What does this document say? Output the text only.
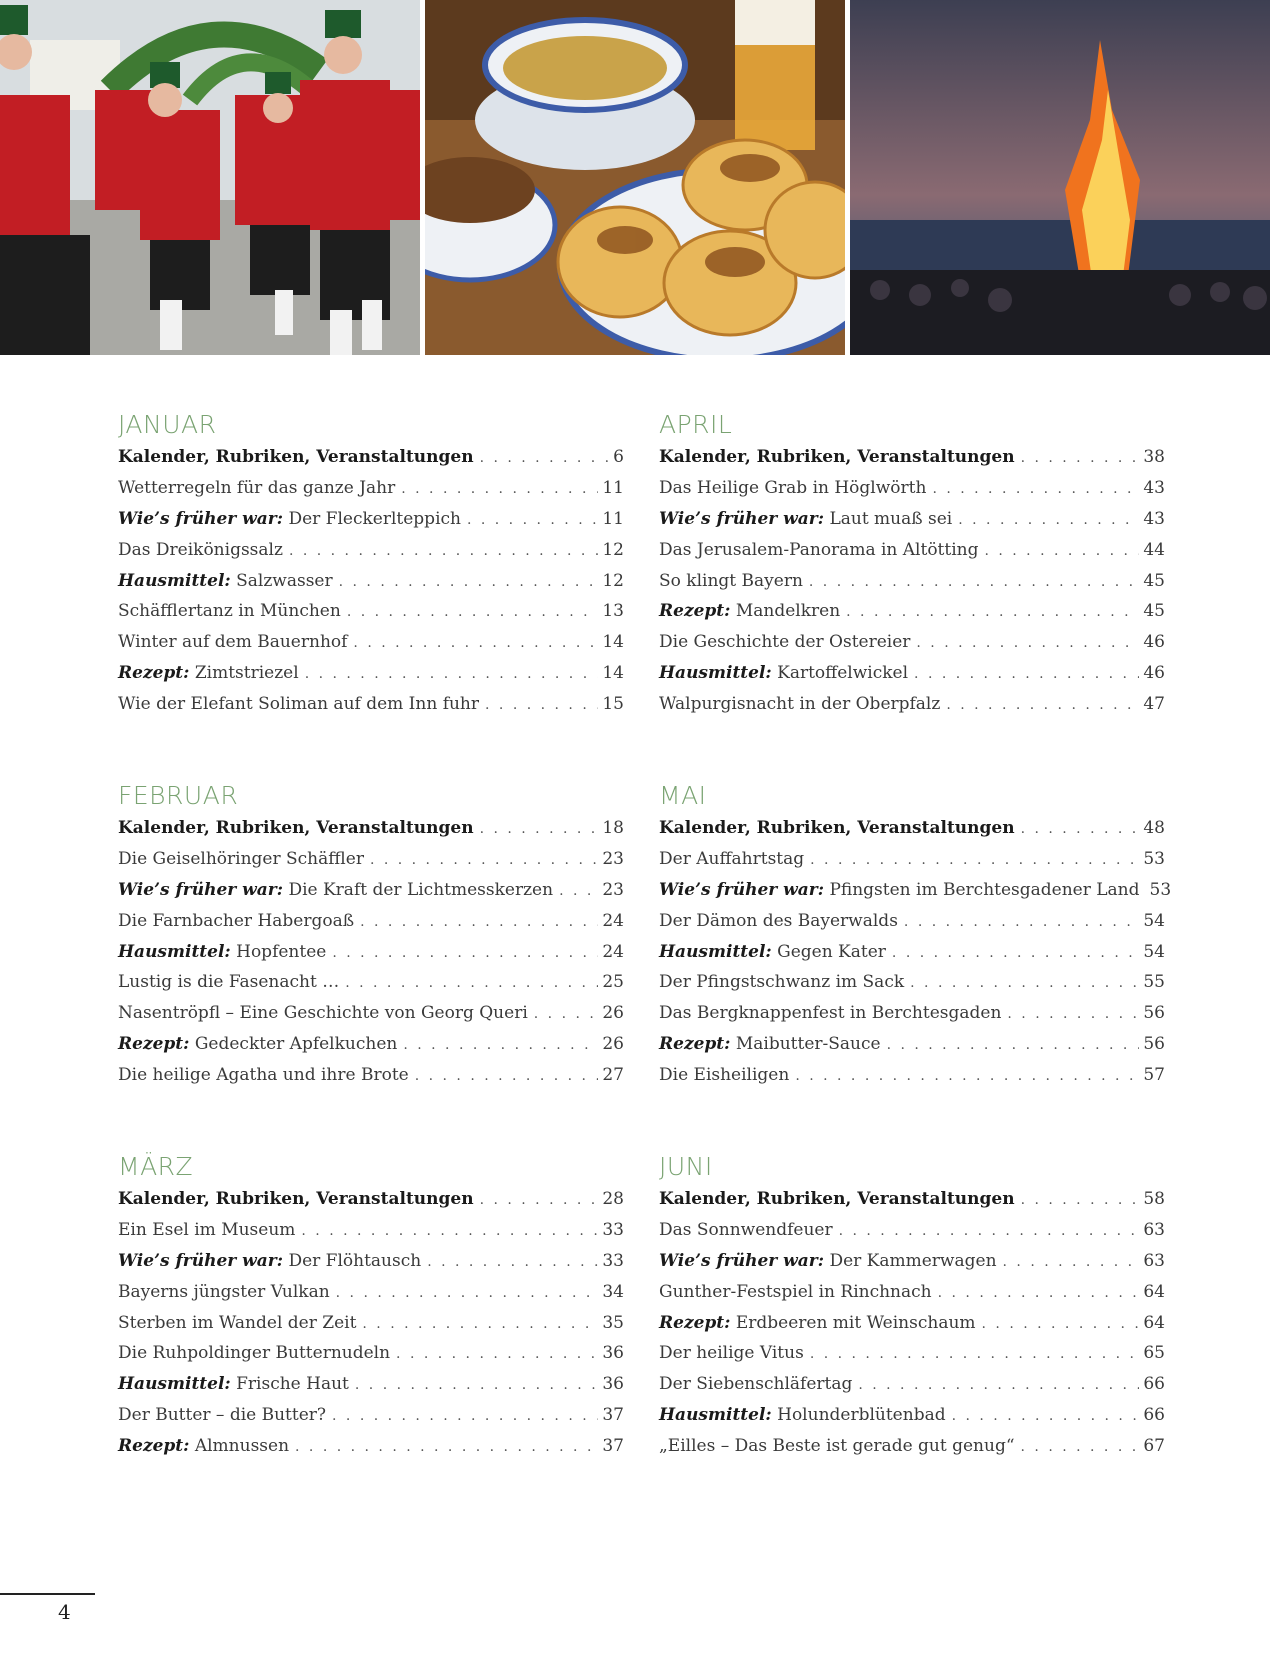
JANUAR
Kalender, Rubriken, Veranstaltungen . . .	6
Wetterregeln für das ganze Jahr . . .	11
Wie’s früher war: Der Fleckerlteppich . . .	11
Das Dreikönigssalz . . .	12
Hausmittel: Salzwasser . . .	12
Schäfflertanz in München . . .	13
Winter auf dem Bauernhof . . .	14
Rezept: Zimtstriezel . . .	14
Wie der Elefant Soliman auf dem Inn fuhr . . .	15
APRIL
Kalender, Rubriken, Veranstaltungen . . .	38
Das Heilige Grab in Höglwörth . . .	43
Wie’s früher war: Laut muaß sei . . .	43
Das Jerusalem-Panorama in Altötting . . .	44
So klingt Bayern . . .	45
Rezept: Mandelkren . . .	45
Die Geschichte der Ostereier . . .	46
Hausmittel: Kartoffelwickel . . .	46
Walpurgisnacht in der Oberpfalz . . .	47
FEBRUAR
Kalender, Rubriken, Veranstaltungen . . .	18
Die Geiselhöringer Schäffler . . .	23
Wie’s früher war: Die Kraft der Lichtmesskerzen . . .	23
Die Farnbacher Habergoaß . . .	24
Hausmittel: Hopfentee . . .	24
Lustig is die Fasenacht … . . .	25
Nasentröpfl – Eine Geschichte von Georg Queri . . .	26
Rezept: Gedeckter Apfelkuchen . . .	26
Die heilige Agatha und ihre Brote . . .	27
MAI
Kalender, Rubriken, Veranstaltungen . . .	48
Der Auffahrtstag . . .	53
Wie’s früher war: Pfingsten im Berchtesgadener Land 53
Der Dämon des Bayerwalds . . .	54
Hausmittel: Gegen Kater . . .	54
Der Pfingstschwanz im Sack . . .	55
Das Bergknappenfest in Berchtesgaden . . .	56
Rezept: Maibutter-Sauce . . .	56
Die Eisheiligen . . .	57
MÄRZ
Kalender, Rubriken, Veranstaltungen . . .	28
Ein Esel im Museum . . .	33
Wie’s früher war: Der Flöhtausch . . .	33
Bayerns jüngster Vulkan . . .	34
Sterben im Wandel der Zeit . . .	35
Die Ruhpoldinger Butternudeln . . .	36
Hausmittel: Frische Haut . . .	36
Der Butter – die Butter? . . .	37
Rezept: Almnussen . . .	37
JUNI
Kalender, Rubriken, Veranstaltungen . . .	58
Das Sonnwendfeuer . . .	63
Wie’s früher war: Der Kammerwagen . . .	63
Gunther-Festspiel in Rinchnach . . .	64
Rezept: Erdbeeren mit Weinschaum . . .	64
Der heilige Vitus . . .	65
Der Siebenschläfertag . . .	66
Hausmittel: Holunderblütenbad . . .	66
„Eilles – Das Beste ist gerade gut genug“ . . .	67
4
